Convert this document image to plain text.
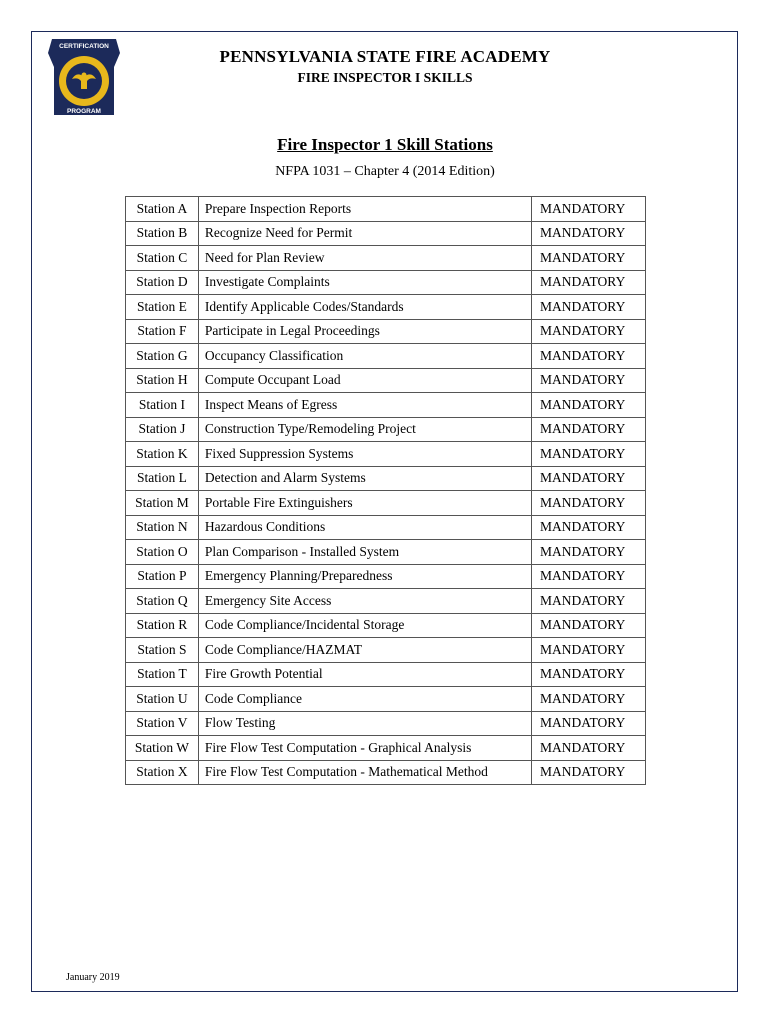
CERTIFICATION
PROGRAM
PENNSYLVANIA STATE FIRE ACADEMY
FIRE INSPECTOR I SKILLS
Fire Inspector 1 Skill Stations
NFPA 1031 – Chapter 4 (2014 Edition)
Station A	Prepare Inspection Reports	MANDATORY
Station B	Recognize Need for Permit	MANDATORY
Station C	Need for Plan Review	MANDATORY
Station D	Investigate Complaints	MANDATORY
Station E	Identify Applicable Codes/Standards	MANDATORY
Station F	Participate in Legal Proceedings	MANDATORY
Station G	Occupancy Classification	MANDATORY
Station H	Compute Occupant Load	MANDATORY
Station I	Inspect Means of Egress	MANDATORY
Station J	Construction Type/Remodeling Project	MANDATORY
Station K	Fixed Suppression Systems	MANDATORY
Station L	Detection and Alarm Systems	MANDATORY
Station M	Portable Fire Extinguishers	MANDATORY
Station N	Hazardous Conditions	MANDATORY
Station O	Plan Comparison - Installed System	MANDATORY
Station P	Emergency Planning/Preparedness	MANDATORY
Station Q	Emergency Site Access	MANDATORY
Station R	Code Compliance/Incidental Storage	MANDATORY
Station S	Code Compliance/HAZMAT	MANDATORY
Station T	Fire Growth Potential	MANDATORY
Station U	Code Compliance	MANDATORY
Station V	Flow Testing	MANDATORY
Station W	Fire Flow Test Computation - Graphical Analysis	MANDATORY
Station X	Fire Flow Test Computation - Mathematical Method	MANDATORY
January 2019
